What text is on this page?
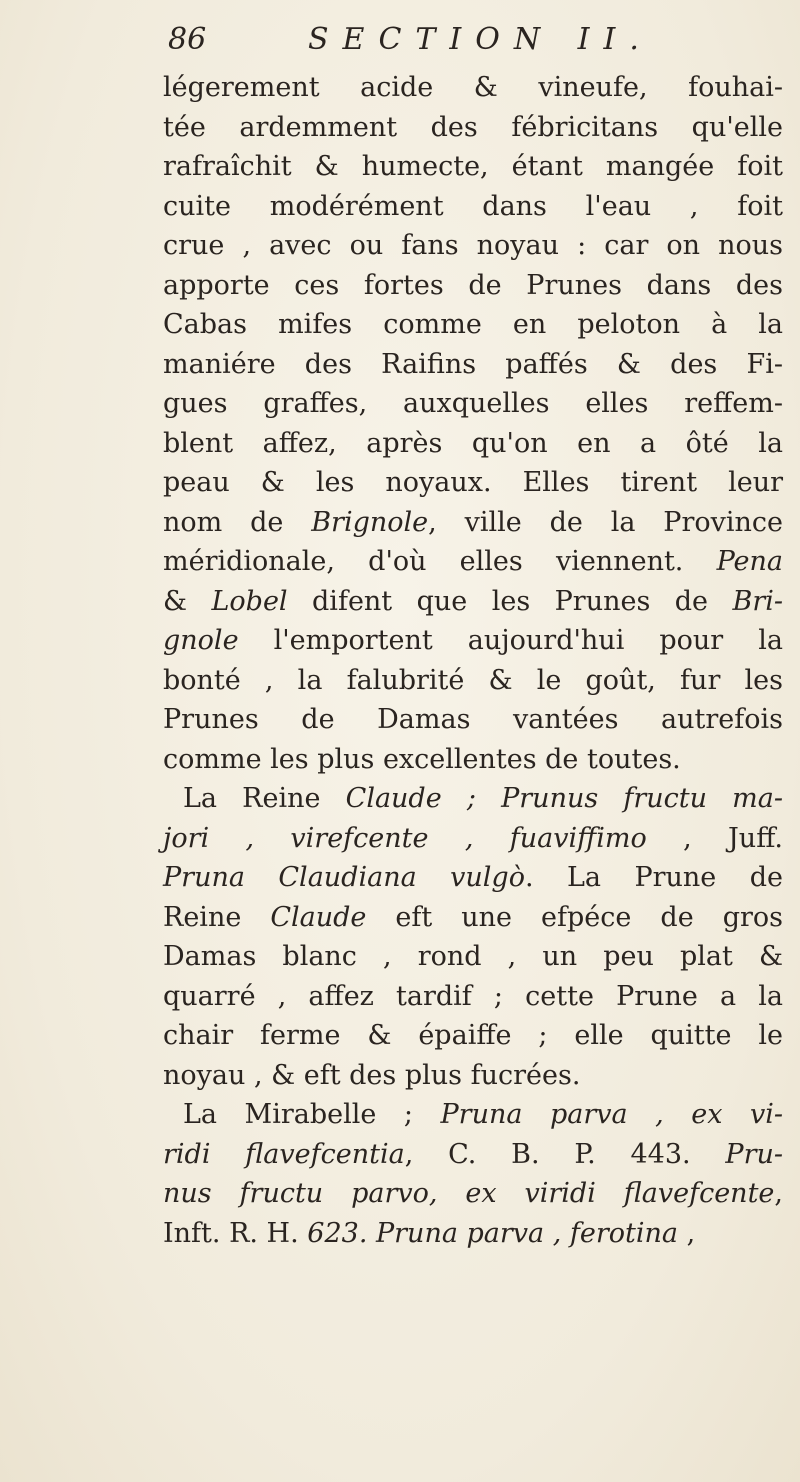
86	SECTION II.
légerement acide & vineufe, fouhai-
tée ardemment des fébricitans qu'elle
rafraîchit & humecte, étant mangée foit
cuite modérément dans l'eau , foit
crue , avec ou fans noyau : car on nous
apporte ces fortes de Prunes dans des
Cabas mifes comme en peloton à la
maniére des Raifins paffés & des Fi-
gues graffes, auxquelles elles reffem-
blent affez, après qu'on en a ôté la
peau & les noyaux. Elles tirent leur
nom de Brignole, ville de la Province
méridionale, d'où elles viennent. Pena
& Lobel difent que les Prunes de Bri-
gnole l'emportent aujourd'hui pour la
bonté , la falubrité & le goût, fur les
Prunes de Damas vantées autrefois
comme les plus excellentes de toutes.
La Reine Claude ; Prunus fructu ma-
jori , virefcente , fuaviffimo , Juff.
Pruna Claudiana vulgò. La Prune de
Reine Claude eft une efpéce de gros
Damas blanc , rond , un peu plat &
quarré , affez tardif ; cette Prune a la
chair ferme & épaiffe ; elle quitte le
noyau , & eft des plus fucrées.
La Mirabelle ; Pruna parva , ex vi-
ridi flavefcentia, C. B. P. 443. Pru-
nus fructu parvo, ex viridi flavefcente,
Inft. R. H. 623. Pruna parva , ferotina ,
